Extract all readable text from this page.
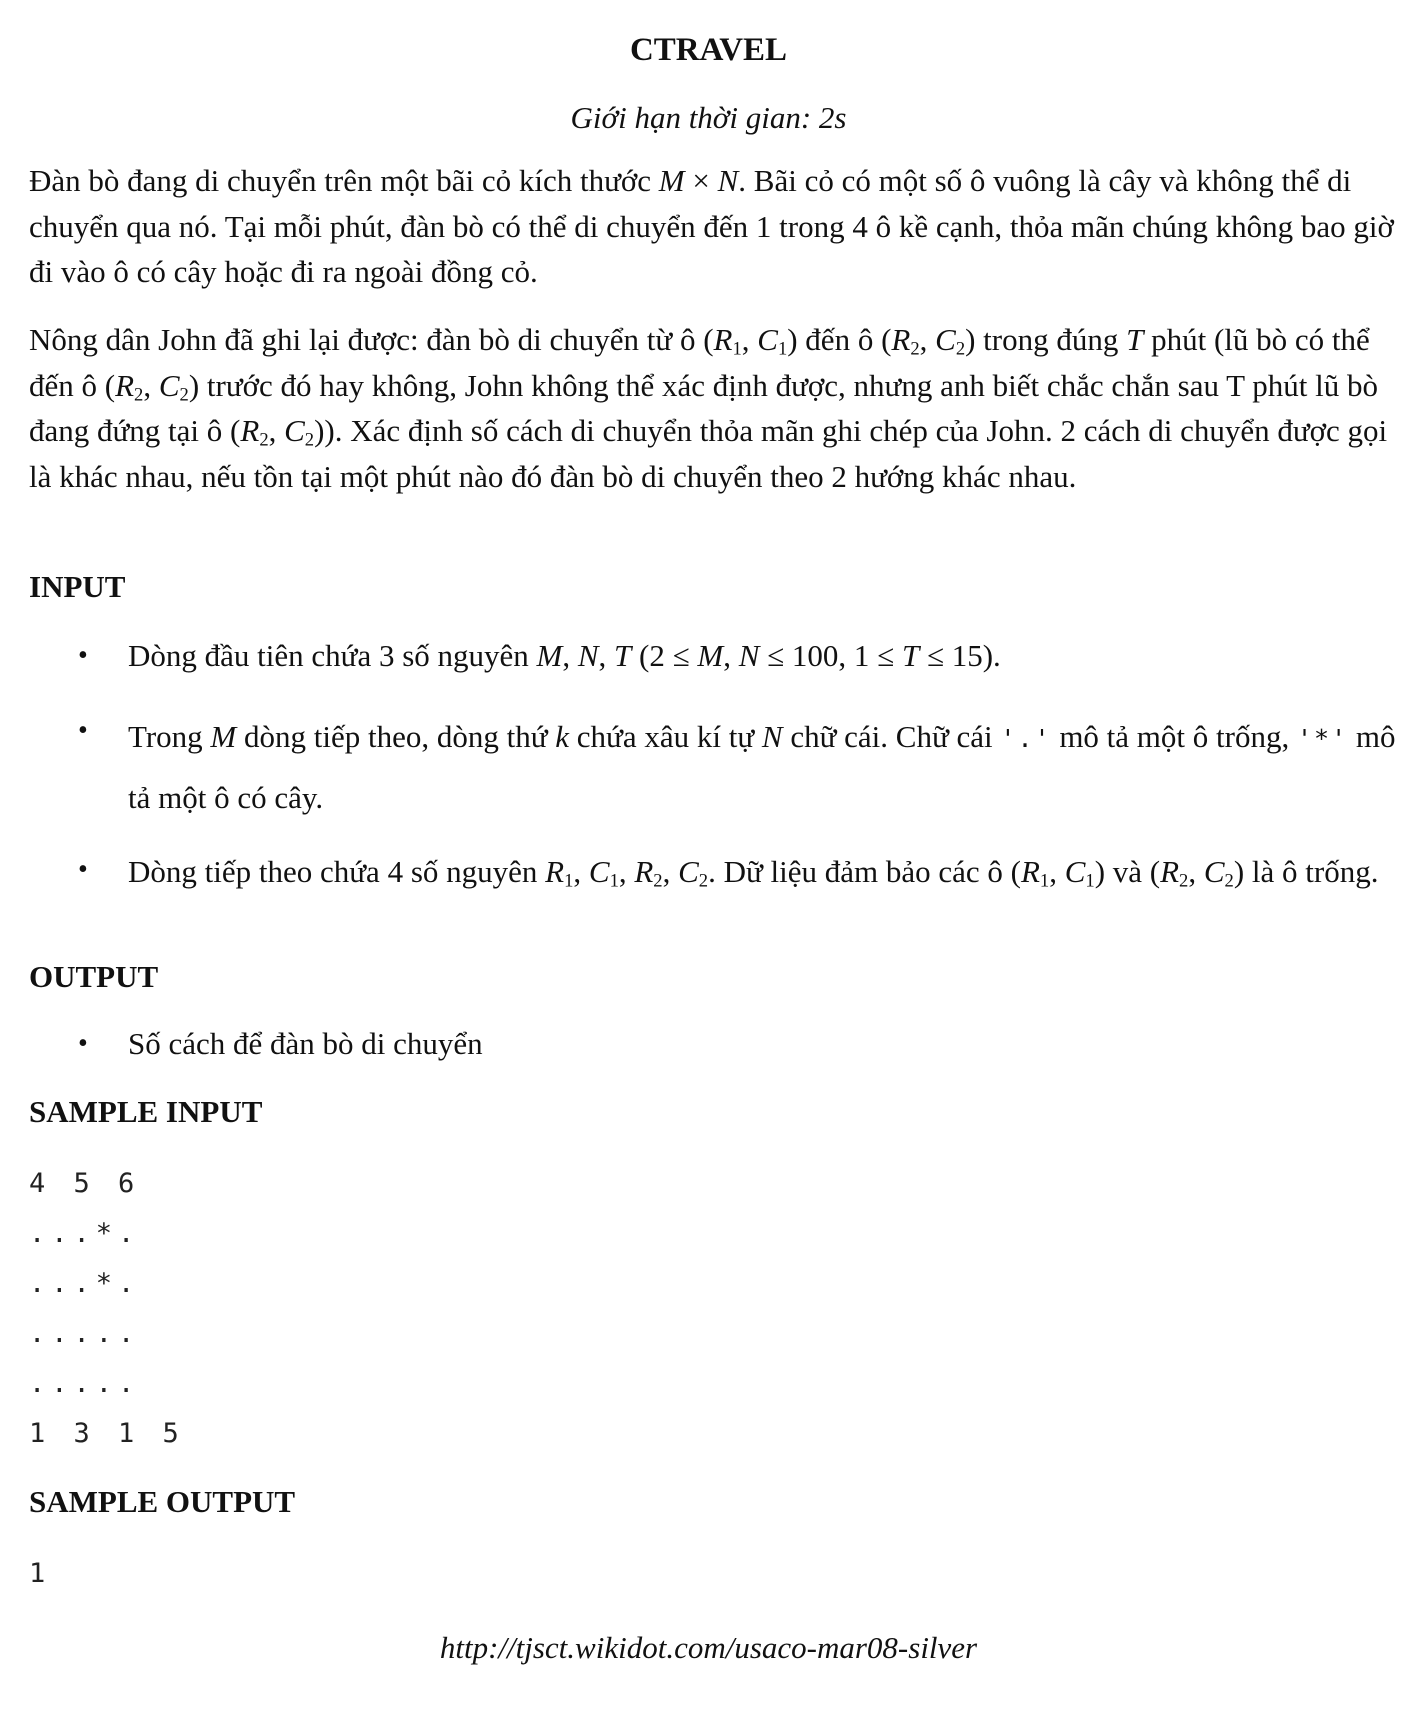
CTRAVEL
Giới hạn thời gian: 2s

Đàn bò đang di chuyển trên một bãi cỏ kích thước M × N. Bãi cỏ có một số ô vuông là cây và không thể di chuyển qua nó. Tại mỗi phút, đàn bò có thể di chuyển đến 1 trong 4 ô kề cạnh, thỏa mãn chúng không bao giờ đi vào ô có cây hoặc đi ra ngoài đồng cỏ.

Nông dân John đã ghi lại được: đàn bò di chuyển từ ô ($R_1$, $C_1$) đến ô ($R_2$, $C_2$) trong đúng T phút (lũ bò có thể đến ô ($R_2$, $C_2$) trước đó hay không, John không thể xác định được, nhưng anh biết chắc chắn sau T phút lũ bò đang đứng tại ô ($R_2$, $C_2$)). Xác định số cách di chuyển thỏa mãn ghi chép của John. 2 cách di chuyển được gọi là khác nhau, nếu tồn tại một phút nào đó đàn bò di chuyển theo 2 hướng khác nhau.

INPUT
• Dòng đầu tiên chứa 3 số nguyên M, N, T (2 ≤ M, N ≤ 100, 1 ≤ T ≤ 15).

• Trong M dòng tiếp theo, dòng thứ k chứa xâu kí tự N chữ cái. Chữ cái '.' mô tả một ô trống, '*' mô tả một ô có cây.

• Dòng tiếp theo chứa 4 số nguyên $R_1$, $C_1$, $R_2$, $C_2$. Dữ liệu đảm bảo các ô ($R_1$, $C_1$) và ($R_2$, $C_2$) là ô trống.

OUTPUT
• Số cách để đàn bò di chuyển

SAMPLE INPUT
4 5 6
...*.
...*.
.....
.....
1 3 1 5
SAMPLE OUTPUT
1
http://tjsct.wikidot.com/usaco-mar08-silver
